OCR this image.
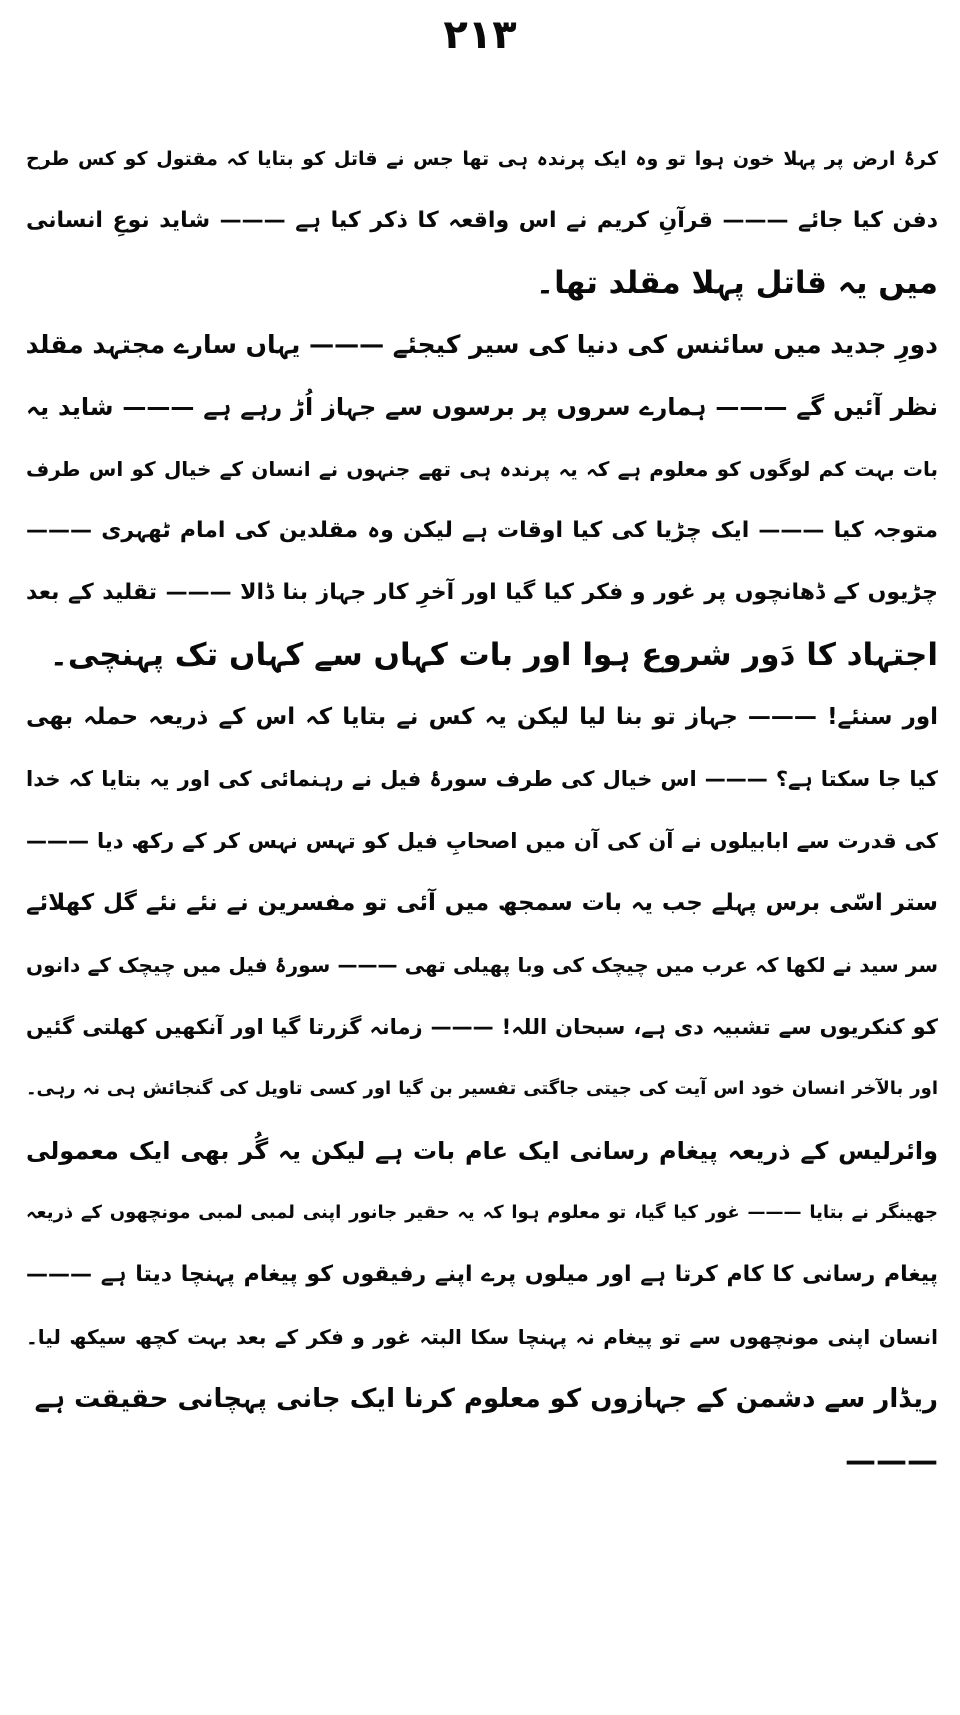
۲۱۳
کرۂ ارض پر پہلا خون ہوا تو وہ ایک پرندہ ہی تھا جس نے قاتل کو بتایا کہ مقتول کو کس طرح
دفن کیا جائے ——— قرآنِ کریم نے اس واقعہ کا ذکر کیا ہے ——— شاید نوعِ انسانی
میں یہ قاتل پہلا مقلد تھا۔
دورِ جدید میں سائنس کی دنیا کی سیر کیجئے ——— یہاں سارے مجتہد مقلد
نظر آئیں گے ——— ہمارے سروں پر برسوں سے جہاز اُڑ رہے ہے ——— شاید یہ
بات بہت کم لوگوں کو معلوم ہے کہ یہ پرندہ ہی تھے جنہوں نے انسان کے خیال کو اس طرف
متوجہ کیا ——— ایک چڑیا کی کیا اوقات ہے لیکن وہ مقلدین کی امام ٹھہری ———
چڑیوں کے ڈھانچوں پر غور و فکر کیا گیا اور آخرِ کار جہاز بنا ڈالا ——— تقلید کے بعد
اجتہاد کا دَور شروع ہوا اور بات کہاں سے کہاں تک پہنچی۔
اور سنئے! ——— جہاز تو بنا لیا لیکن یہ کس نے بتایا کہ اس کے ذریعہ حملہ بھی
کیا جا سکتا ہے؟ ——— اس خیال کی طرف سورۂ فیل نے رہنمائی کی اور یہ بتایا کہ خدا
کی قدرت سے ابابیلوں نے آن کی آن میں اصحابِ فیل کو تہس نہس کر کے رکھ دیا ———
ستر اسّی برس پہلے جب یہ بات سمجھ میں آئی تو مفسرین نے نئے نئے گل کھلائے
سر سید نے لکھا کہ عرب میں چیچک کی وبا پھیلی تھی ——— سورۂ فیل میں چیچک کے دانوں
کو کنکریوں سے تشبیہ دی ہے، سبحان اللہ! ——— زمانہ گزرتا گیا اور آنکھیں کھلتی گئیں
اور بالآخر انسان خود اس آیت کی جیتی جاگتی تفسیر بن گیا اور کسی تاویل کی گنجائش ہی نہ رہی۔
وائرلیس کے ذریعہ پیغام رسانی ایک عام بات ہے لیکن یہ گُر بھی ایک معمولی
جھینگر نے بتایا ——— غور کیا گیا، تو معلوم ہوا کہ یہ حقیر جانور اپنی لمبی لمبی مونچھوں کے ذریعہ
پیغام رسانی کا کام کرتا ہے اور میلوں پرے اپنے رفیقوں کو پیغام پہنچا دیتا ہے ———
انسان اپنی مونچھوں سے تو پیغام نہ پہنچا سکا البتہ غور و فکر کے بعد بہت کچھ سیکھ لیا۔
ریڈار سے دشمن کے جہازوں کو معلوم کرنا ایک جانی پہچانی حقیقت ہے
———
